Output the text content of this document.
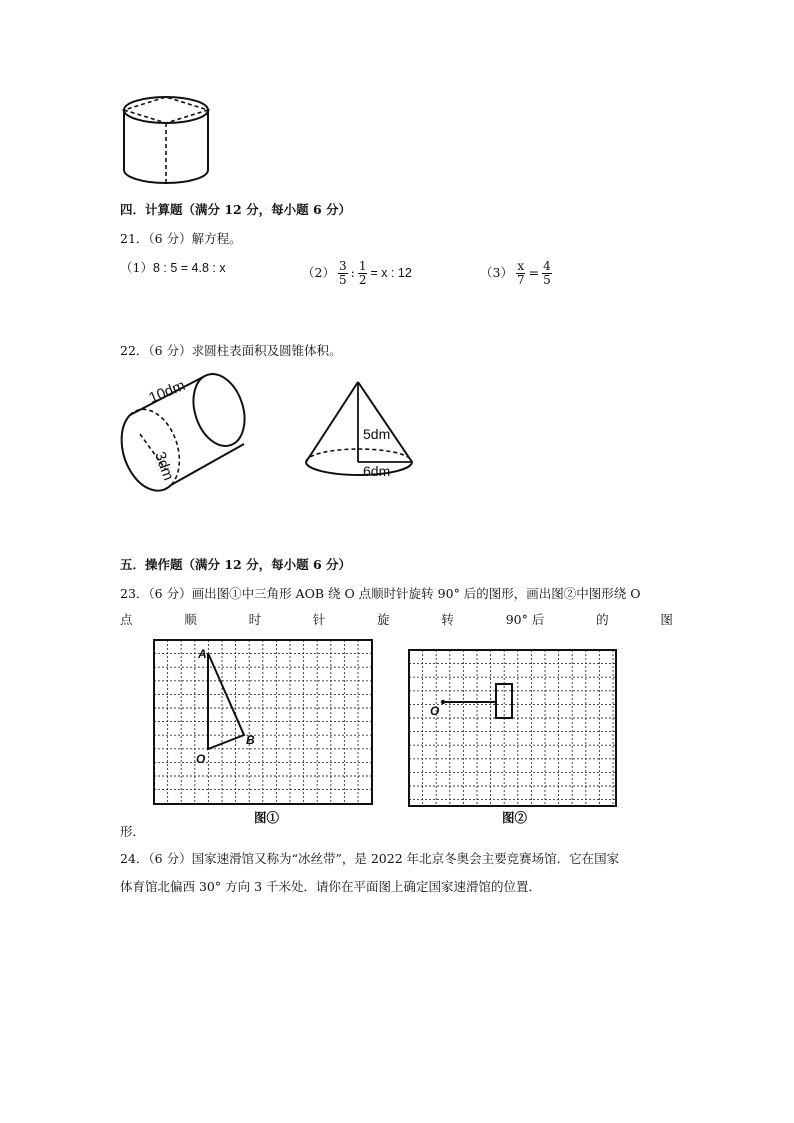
四．计算题（满分 12 分，每小题 6 分）
21．（6 分）解方程。
（1）8 : 5 = 4.8 : x	$(2) \frac{3}{5}$ : $\frac{1}{2} = x$ : 12	$(3) \frac{x}{7} = \frac{4}{5}$
22．（6 分）求圆柱表面积及圆锥体积。
10dm
3dm
5dm
6dm
五．操作题（满分 12 分，每小题 6 分）
23．（6 分）画出图①中三角形 AOB 绕 O 点顺时针旋转 90° 后的图形，画出图②中图形绕 O
点	顺	时	针	旋	转	90° 后	的	图
A
B
O
图①
O
图②
形．
24．（6 分）国家速滑馆又称为“冰丝带”，是 2022 年北京冬奥会主要竞赛场馆．它在国家
体育馆北偏西 30° 方向 3 千米处．请你在平面图上确定国家速滑馆的位置．
